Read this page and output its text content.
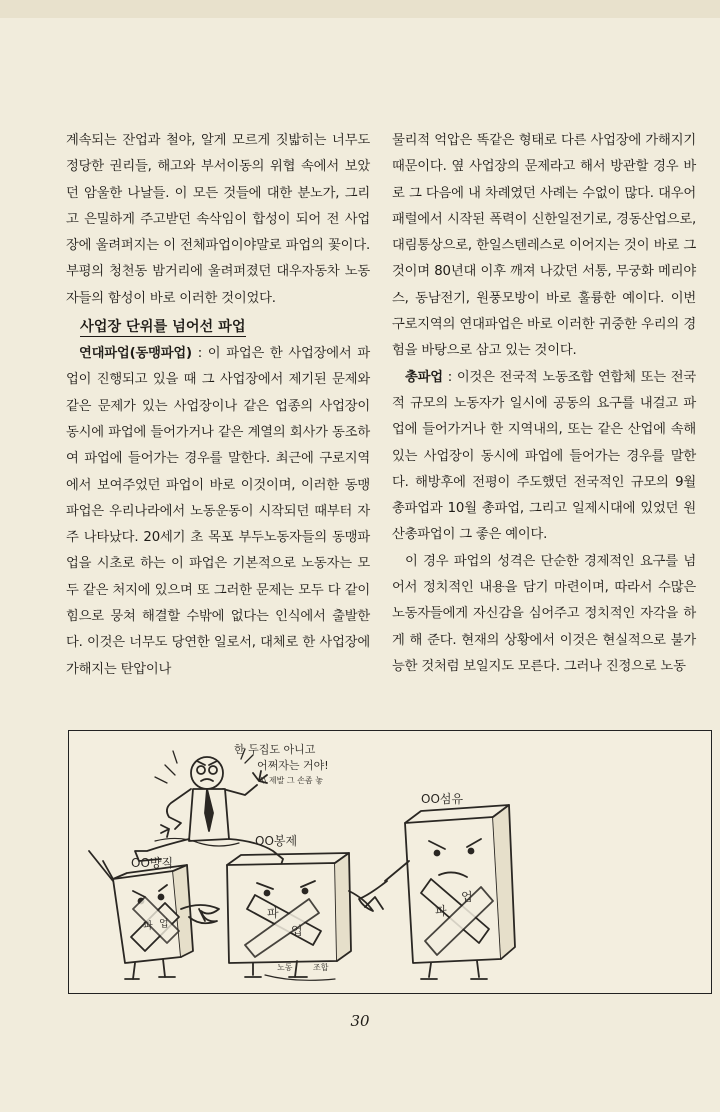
계속되는 잔업과 철야, 알게 모르게 짓밟히는 너무도 정당한 권리들, 해고와 부서이동의 위협 속에서 보았던 암울한 나날들. 이 모든 것들에 대한 분노가, 그리고 은밀하게 주고받던 속삭임이 합성이 되어 전 사업장에 울려퍼지는 이 전체파업이야말로 파업의 꽃이다. 부평의 청천동 밤거리에 울려퍼졌던 대우자동차 노동자들의 함성이 바로 이러한 것이었다.

사업장 단위를 넘어선 파업

연대파업(동맹파업) : 이 파업은 한 사업장에서 파업이 진행되고 있을 때 그 사업장에서 제기된 문제와 같은 문제가 있는 사업장이나 같은 업종의 사업장이 동시에 파업에 들어가거나 같은 계열의 회사가 동조하여 파업에 들어가는 경우를 말한다. 최근에 구로지역에서 보여주었던 파업이 바로 이것이며, 이러한 동맹파업은 우리나라에서 노동운동이 시작되던 때부터 자주 나타났다. 20세기 초 목포 부두노동자들의 동맹파업을 시초로 하는 이 파업은 기본적으로 노동자는 모두 같은 처지에 있으며 또 그러한 문제는 모두 다 같이 힘으로 뭉쳐 해결할 수밖에 없다는 인식에서 출발한다. 이것은 너무도 당연한 일로서, 대체로 한 사업장에 가해지는 탄압이나

물리적 억압은 똑같은 형태로 다른 사업장에 가해지기 때문이다. 옆 사업장의 문제라고 해서 방관할 경우 바로 그 다음에 내 차례였던 사례는 수없이 많다. 대우어패럴에서 시작된 폭력이 신한일전기로, 경동산업으로, 대림통상으로, 한일스텐레스로 이어지는 것이 바로 그것이며 80년대 이후 깨져 나갔던 서통, 무궁화 메리야스, 동남전기, 원풍모방이 바로 훌륭한 예이다. 이번 구로지역의 연대파업은 바로 이러한 귀중한 우리의 경험을 바탕으로 삼고 있는 것이다.

총파업 : 이것은 전국적 노동조합 연합체 또는 전국적 규모의 노동자가 일시에 공동의 요구를 내걸고 파업에 들어가거나 한 지역내의, 또는 같은 산업에 속해 있는 사업장이 동시에 파업에 들어가는 경우를 말한다. 해방후에 전평이 주도했던 전국적인 규모의 9월 총파업과 10월 총파업, 그리고 일제시대에 있었던 원산총파업이 그 좋은 예이다.

이 경우 파업의 성격은 단순한 경제적인 요구를 넘어서 정치적인 내용을 담기 마련이며, 따라서 수많은 노동자들에게 자신감을 심어주고 정치적인 자각을 하게 해 준다. 현재의 상황에서 이것은 현실적으로 불가능한 것처럼 보일지도 모른다. 그러나 진정으로 노동

한 두집도 아니고
어쩌자는 거야!
\\ 제발 그 손좀 놓
OO방직
OO봉제
OO섬유
파 업
파
업
파
업
노동	조합
30
